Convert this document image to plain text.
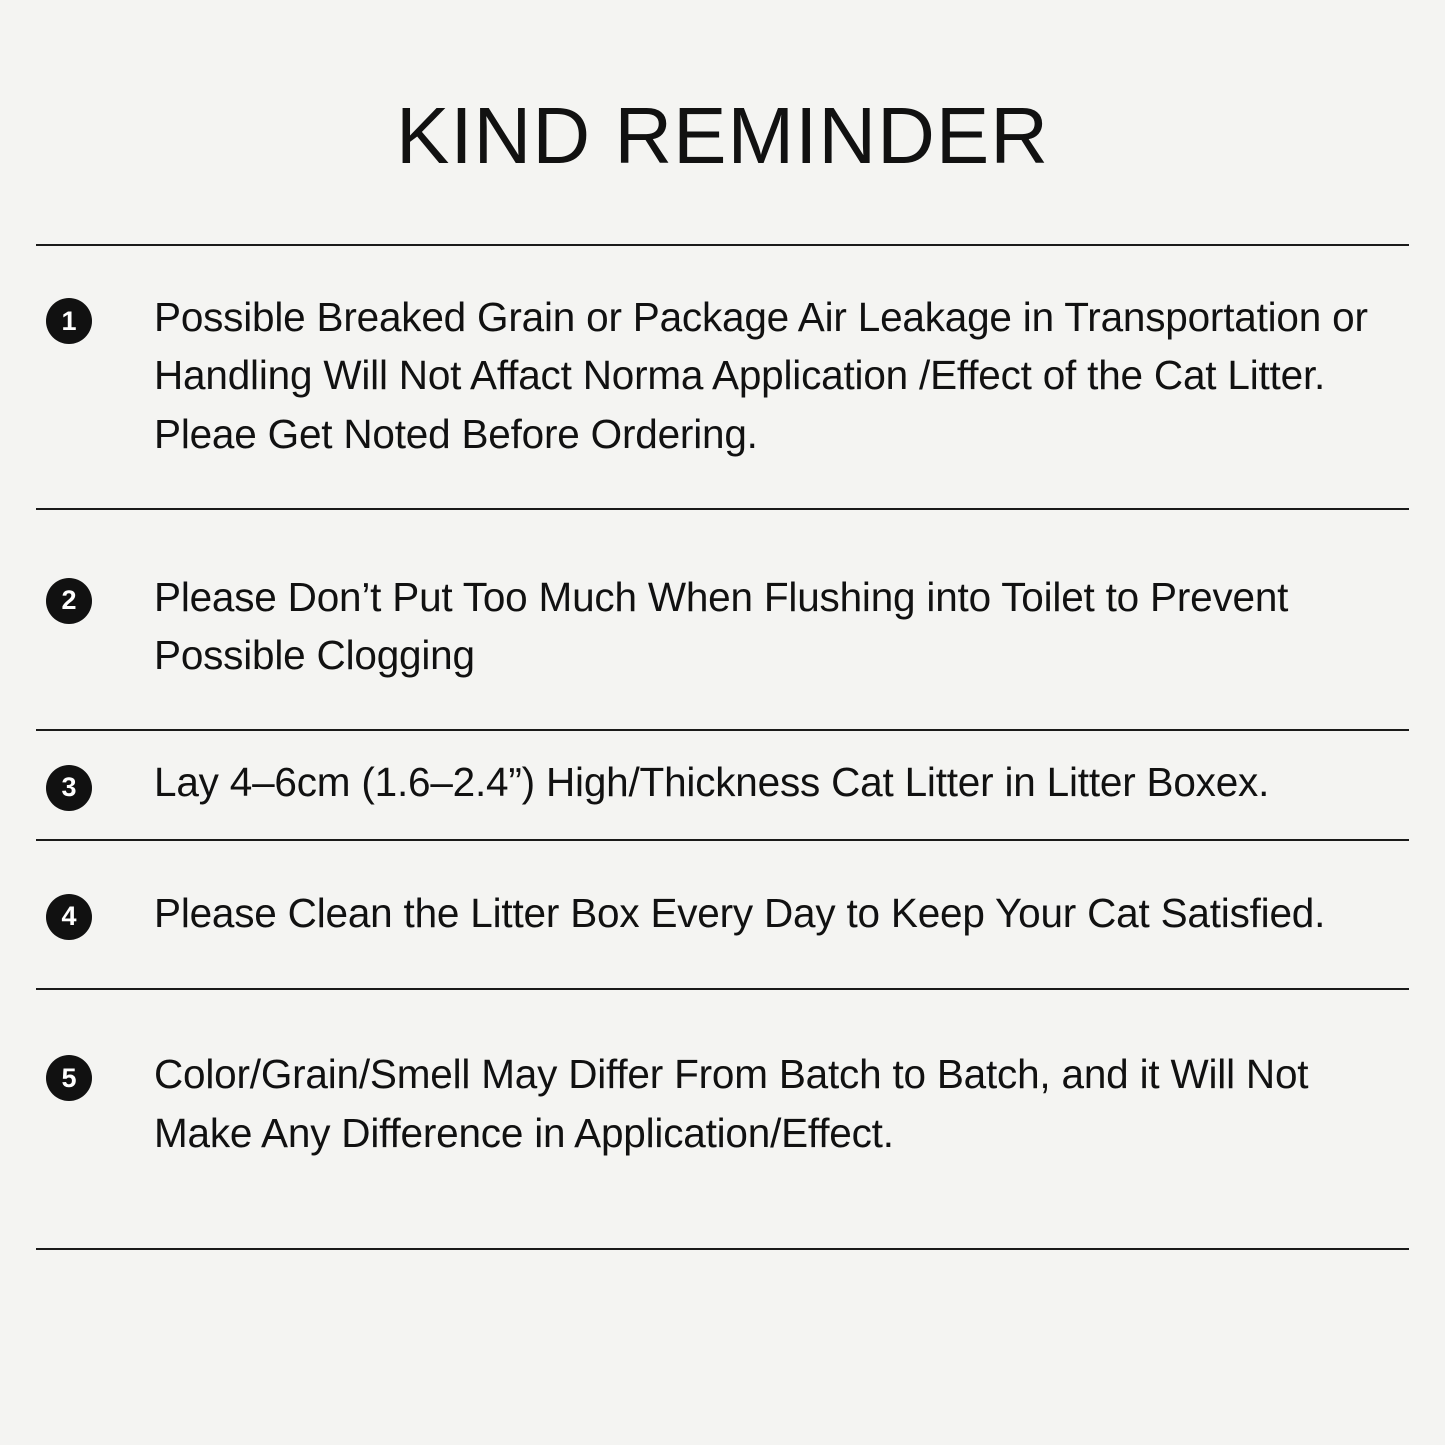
KIND REMINDER
1	Possible Breaked Grain or Package Air Leakage in Transportation or Handling Will Not Affact Norma Application /Effect of the Cat Litter. Pleae Get Noted Before Ordering.
2	Please Don’t Put Too Much When Flushing into Toilet to Prevent Possible Clogging
3	Lay 4–6cm (1.6–2.4”) High/Thickness Cat Litter in Litter Boxex.
4	Please Clean the Litter Box Every Day to Keep Your Cat Satisfied.
5	Color/Grain/Smell May Differ From Batch to Batch, and it Will Not Make Any Difference in Application/Effect.
